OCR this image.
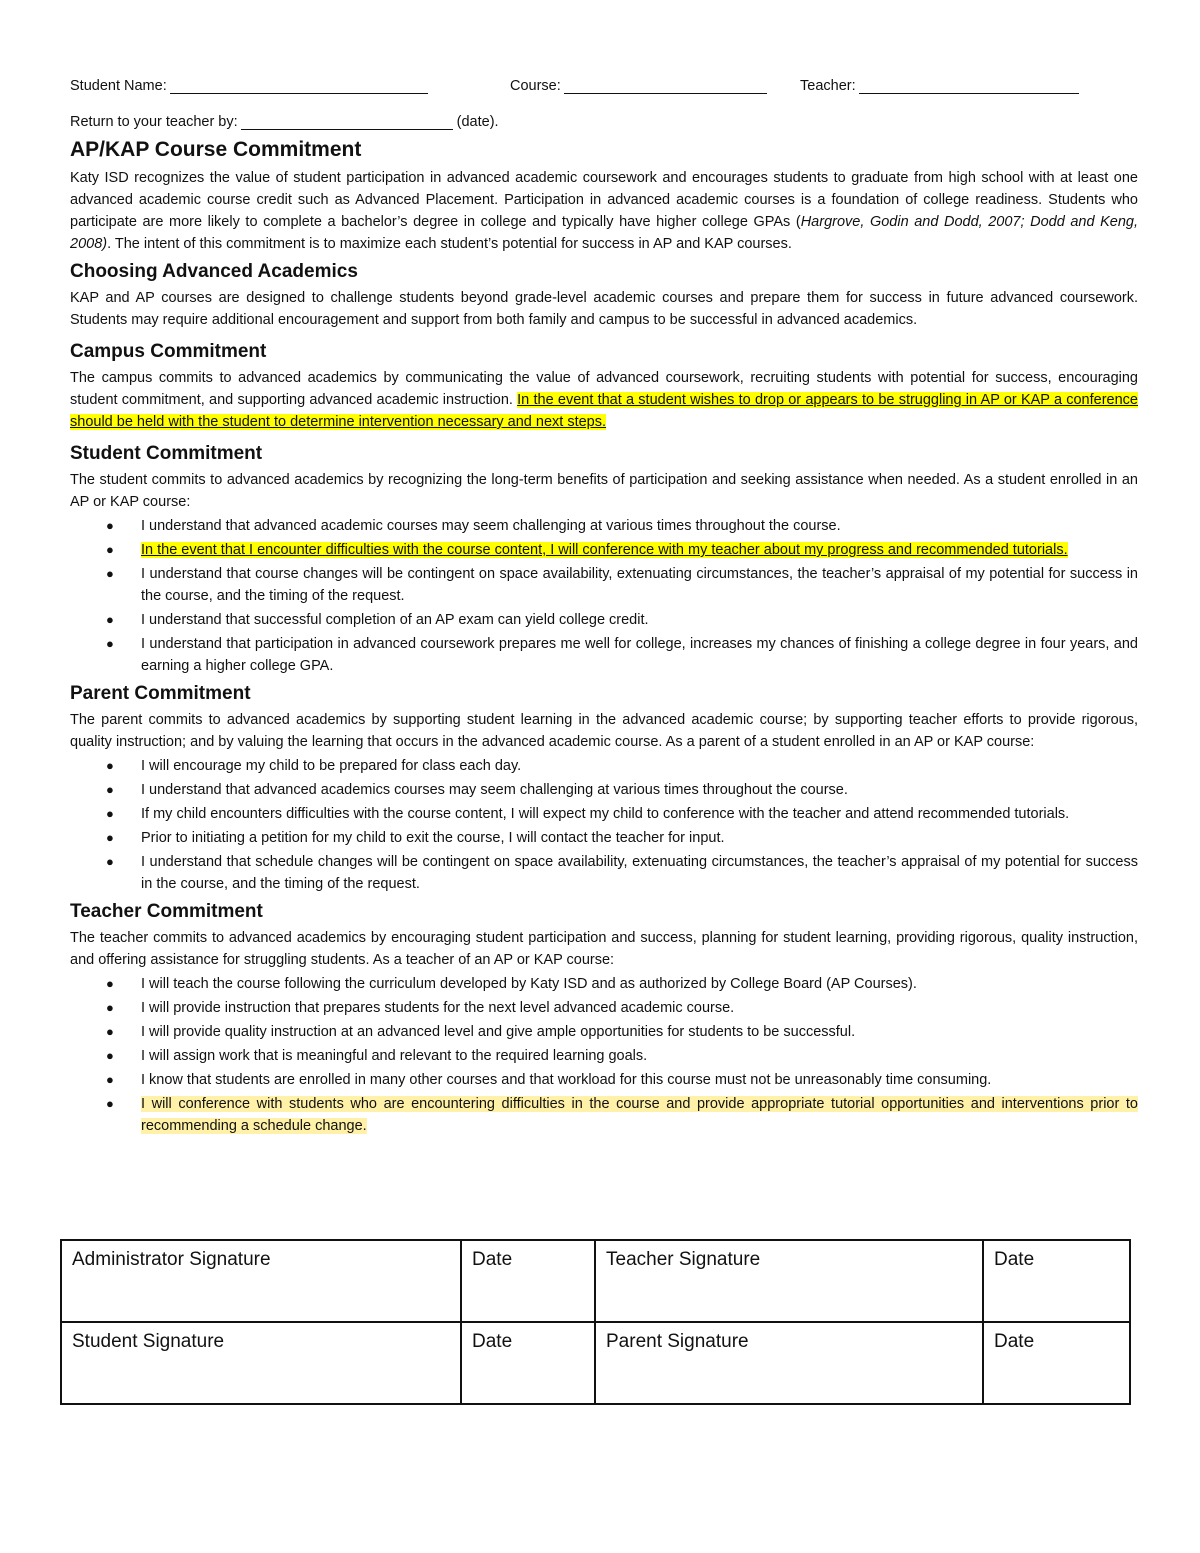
Student Name:	Course:	Teacher:
Return to your teacher by:	(date).
AP/KAP Course Commitment

Katy ISD recognizes the value of student participation in advanced academic coursework and encourages students to graduate from high school with at least one advanced academic course credit such as Advanced Placement. Participation in advanced academic courses is a foundation of college readiness. Students who participate are more likely to complete a bachelor’s degree in college and typically have higher college GPAs (Hargrove, Godin and Dodd, 2007; Dodd and Keng, 2008). The intent of this commitment is to maximize each student’s potential for success in AP and KAP courses.

Choosing Advanced Academics

KAP and AP courses are designed to challenge students beyond grade-level academic courses and prepare them for success in future advanced coursework. Students may require additional encouragement and support from both family and campus to be successful in advanced academics.

Campus Commitment

The campus commits to advanced academics by communicating the value of advanced coursework, recruiting students with potential for success, encouraging student commitment, and supporting advanced academic instruction. In the event that a student wishes to drop or appears to be struggling in AP or KAP a conference should be held with the student to determine intervention necessary and next steps.

Student Commitment

The student commits to advanced academics by recognizing the long-term benefits of participation and seeking assistance when needed. As a student enrolled in an AP or KAP course:

● I understand that advanced academic courses may seem challenging at various times throughout the course.
● In the event that I encounter difficulties with the course content, I will conference with my teacher about my progress and recommended tutorials.
● I understand that course changes will be contingent on space availability, extenuating circumstances, the teacher’s appraisal of my potential for success in the course, and the timing of the request.
● I understand that successful completion of an AP exam can yield college credit.
● I understand that participation in advanced coursework prepares me well for college, increases my chances of finishing a college degree in four years, and earning a higher college GPA.
Parent Commitment

The parent commits to advanced academics by supporting student learning in the advanced academic course; by supporting teacher efforts to provide rigorous, quality instruction; and by valuing the learning that occurs in the advanced academic course. As a parent of a student enrolled in an AP or KAP course:

● I will encourage my child to be prepared for class each day.
● I understand that advanced academics courses may seem challenging at various times throughout the course.
● If my child encounters difficulties with the course content, I will expect my child to conference with the teacher and attend recommended tutorials.
● Prior to initiating a petition for my child to exit the course, I will contact the teacher for input.
● I understand that schedule changes will be contingent on space availability, extenuating circumstances, the teacher’s appraisal of my potential for success in the course, and the timing of the request.
Teacher Commitment

The teacher commits to advanced academics by encouraging student participation and success, planning for student learning, providing rigorous, quality instruction, and offering assistance for struggling students. As a teacher of an AP or KAP course:

● I will teach the course following the curriculum developed by Katy ISD and as authorized by College Board (AP Courses).
● I will provide instruction that prepares students for the next level advanced academic course.
● I will provide quality instruction at an advanced level and give ample opportunities for students to be successful.
● I will assign work that is meaningful and relevant to the required learning goals.
● I know that students are enrolled in many other courses and that workload for this course must not be unreasonably time consuming.
● I will conference with students who are encountering difficulties in the course and provide appropriate tutorial opportunities and interventions prior to recommending a schedule change.
Administrator Signature	Date	Teacher Signature	Date
Student Signature	Date	Parent Signature	Date
